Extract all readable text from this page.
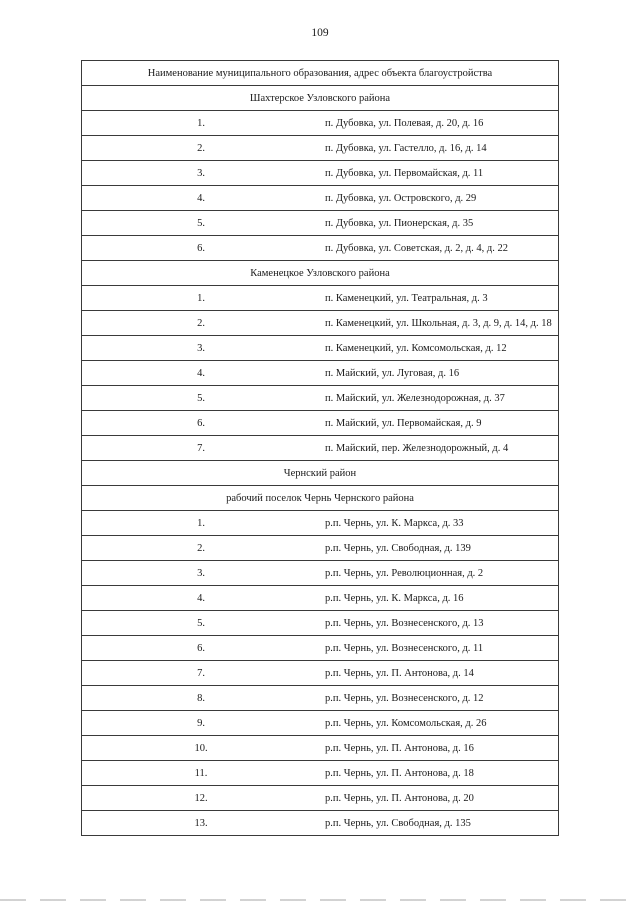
109
Наименование муниципального образования, адрес объекта благоустройства	
Шахтерское Узловского района	
1.	п. Дубовка, ул. Полевая, д. 20, д. 16
2.	п. Дубовка, ул. Гастелло, д. 16, д. 14
3.	п. Дубовка, ул. Первомайская, д. 11
4.	п. Дубовка, ул. Островского, д. 29
5.	п. Дубовка, ул. Пионерская, д. 35
6.	п. Дубовка, ул. Советская, д. 2, д. 4, д. 22
Каменецкое Узловского района	
1.	п. Каменецкий, ул. Театральная, д. 3
2.	п. Каменецкий, ул. Школьная, д. 3, д. 9, д. 14, д. 18
3.	п. Каменецкий, ул. Комсомольская, д. 12
4.	п. Майский, ул. Луговая, д. 16
5.	п. Майский, ул. Железнодорожная, д. 37
6.	п. Майский, ул. Первомайская, д. 9
7.	п. Майский, пер. Железнодорожный, д. 4
Чернский район	
рабочий поселок Чернь Чернского района	
1.	р.п. Чернь, ул. К. Маркса, д. 33
2.	р.п. Чернь, ул. Свободная, д. 139
3.	р.п. Чернь, ул. Революционная, д. 2
4.	р.п. Чернь, ул. К. Маркса, д. 16
5.	р.п. Чернь, ул. Вознесенского, д. 13
6.	р.п. Чернь, ул. Вознесенского, д. 11
7.	р.п. Чернь, ул. П. Антонова, д. 14
8.	р.п. Чернь, ул. Вознесенского, д. 12
9.	р.п. Чернь, ул. Комсомольская, д. 26
10.	р.п. Чернь, ул. П. Антонова, д. 16
11.	р.п. Чернь, ул. П. Антонова, д. 18
12.	р.п. Чернь, ул. П. Антонова, д. 20
13.	р.п. Чернь, ул. Свободная, д. 135
